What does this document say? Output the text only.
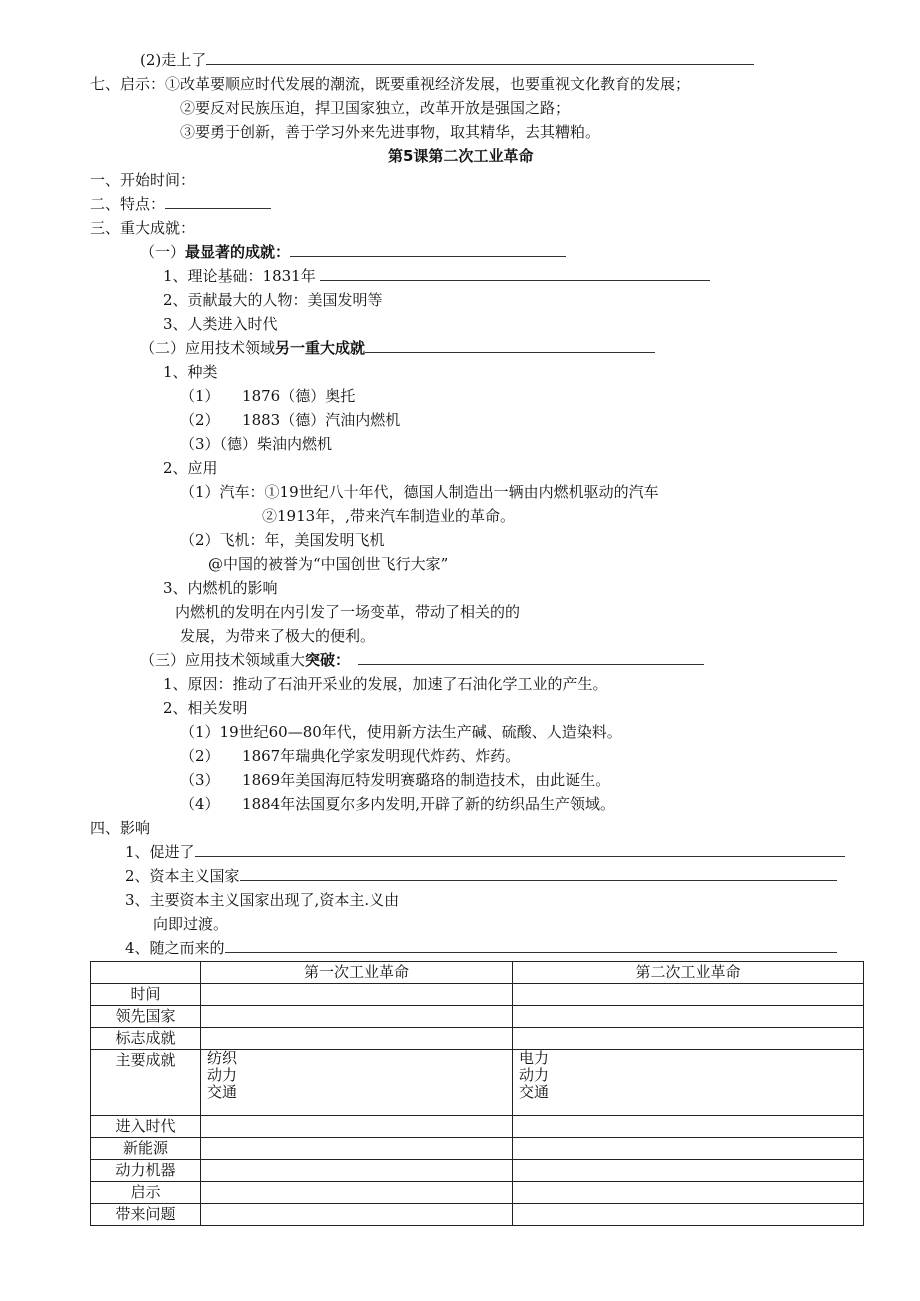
(2)走上了
七、启示：①改革要顺应时代发展的潮流，既要重视经济发展，也要重视文化教育的发展；
②要反对民族压迫，捍卫国家独立，改革开放是强国之路；
③要勇于创新，善于学习外来先进事物，取其精华，去其糟粕。
第5课第二次工业革命
一、开始时间：
二、特点：
三、重大成就：
（一）最显著的成就：
1、理论基础：1831年
2、贡献最大的人物：美国发明等
3、人类进入时代
（二）应用技术领域另一重大成就
1、种类
（1）　　1876（德）奥托
（2）　　1883（德）汽油内燃机
（3）（德）柴油内燃机
2、应用
（1）汽车：①19世纪八十年代，德国人制造出一辆由内燃机驱动的汽车
②1913年，,带来汽车制造业的革命。
（2）飞机：年，美国发明飞机
@中国的被誉为“中国创世飞行大家”
3、内燃机的影响
内燃机的发明在内引发了一场变革，带动了相关的的
发展，为带来了极大的便利。
（三）应用技术领域重大突破：
1、原因：推动了石油开采业的发展，加速了石油化学工业的产生。
2、相关发明
（1）19世纪60—80年代，使用新方法生产碱、硫酸、人造染料。
（2）　　1867年瑞典化学家发明现代炸药、炸药。
（3）　　1869年美国海厄特发明赛璐珞的制造技术，由此诞生。
（4）　　1884年法国夏尔多内发明,开辟了新的纺织品生产领域。
四、影响
1、促进了
2、资本主义国家
3、主要资本主义国家出现了,资本主.义由
向即过渡。
4、随之而来的
	第一次工业革命	第二次工业革命
时间		
领先国家		
标志成就		
主要成就	纺织
动力
交通	电力
动力
交通

进入时代		
新能源		
动力机器		
启示		
带来问题		
